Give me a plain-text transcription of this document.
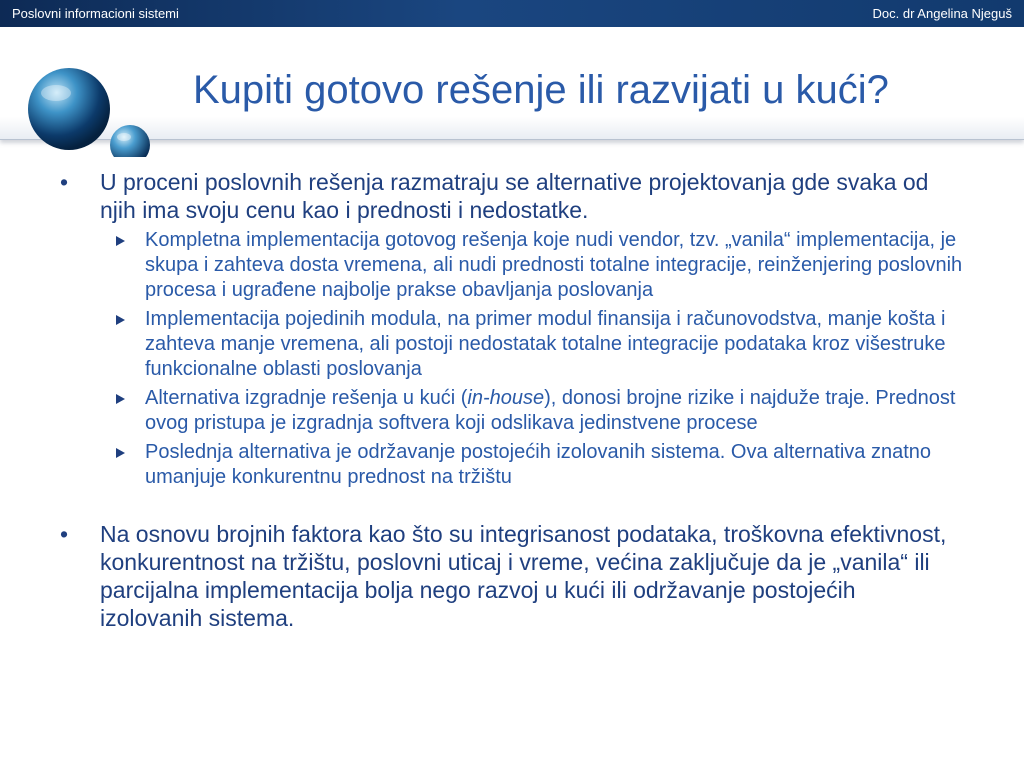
Poslovni informacioni sistemi	Doc. dr Angelina Njeguš
Kupiti gotovo rešenje ili razvijati u kući?
• U proceni poslovnih rešenja razmatraju se alternative projektovanja gde svaka od njih ima svoju cenu kao i prednosti i nedostatke.
Kompletna implementacija gotovog rešenja koje nudi vendor, tzv. „vanila“ implementacija, je skupa i zahteva dosta vremena, ali nudi prednosti totalne integracije, reinženjering poslovnih procesa i ugrađene najbolje prakse obavljanja poslovanja
Implementacija pojedinih modula, na primer modul finansija i računovodstva, manje košta i zahteva manje vremena, ali postoji nedostatak totalne integracije podataka kroz višestruke funkcionalne oblasti poslovanja
Alternativa izgradnje rešenja u kući (in-house), donosi brojne rizike i najduže traje. Prednost ovog pristupa je izgradnja softvera koji odslikava jedinstvene procese
Poslednja alternativa je održavanje postojećih izolovanih sistema. Ova alternativa znatno umanjuje konkurentnu prednost na tržištu
• Na osnovu brojnih faktora kao što su integrisanost podataka, troškovna efektivnost, konkurentnost na tržištu, poslovni uticaj i vreme, većina zaključuje da je „vanila“ ili parcijalna implementacija bolja nego razvoj u kući ili održavanje postojećih izolovanih sistema.
